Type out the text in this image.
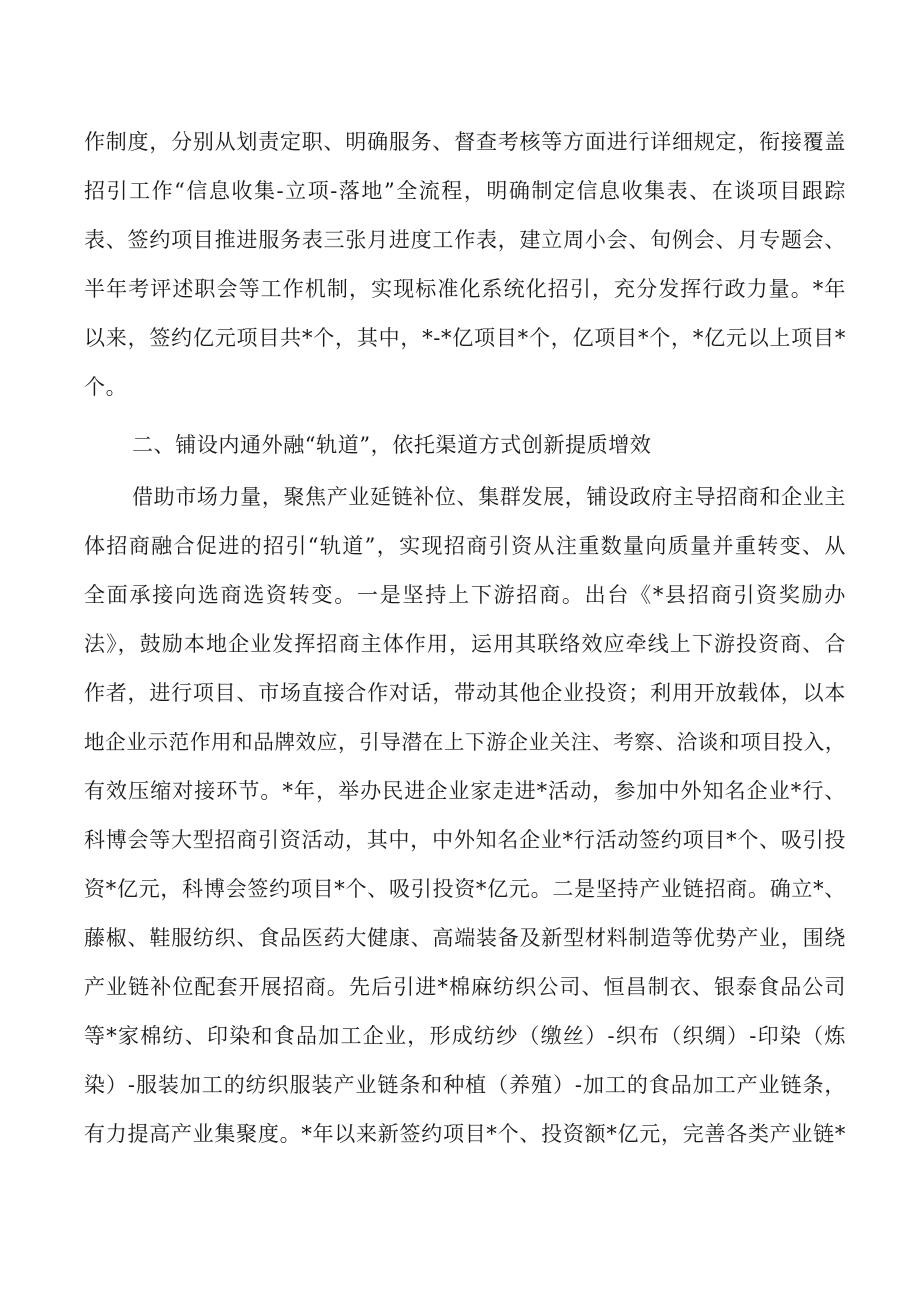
作制度，分别从划责定职、明确服务、督查考核等方面进行详细规定，衔接覆盖
招引工作“信息收集-立项-落地”全流程，明确制定信息收集表、在谈项目跟踪
表、签约项目推进服务表三张月进度工作表，建立周小会、旬例会、月专题会、
半年考评述职会等工作机制，实现标准化系统化招引，充分发挥行政力量。*年
以来，签约亿元项目共*个，其中，*-*亿项目*个，亿项目*个，*亿元以上项目*
个。
二、铺设内通外融“轨道”，依托渠道方式创新提质增效
借助市场力量，聚焦产业延链补位、集群发展，铺设政府主导招商和企业主
体招商融合促进的招引“轨道”，实现招商引资从注重数量向质量并重转变、从
全面承接向选商选资转变。一是坚持上下游招商。出台《*县招商引资奖励办
法》，鼓励本地企业发挥招商主体作用，运用其联络效应牵线上下游投资商、合
作者，进行项目、市场直接合作对话，带动其他企业投资；利用开放载体，以本
地企业示范作用和品牌效应，引导潜在上下游企业关注、考察、洽谈和项目投入，
有效压缩对接环节。*年，举办民进企业家走进*活动，参加中外知名企业*行、
科博会等大型招商引资活动，其中，中外知名企业*行活动签约项目*个、吸引投
资*亿元，科博会签约项目*个、吸引投资*亿元。二是坚持产业链招商。确立*、
藤椒、鞋服纺织、食品医药大健康、高端装备及新型材料制造等优势产业，围绕
产业链补位配套开展招商。先后引进*棉麻纺织公司、恒昌制衣、银泰食品公司
等*家棉纺、印染和食品加工企业，形成纺纱（缴丝）-织布（织绸）-印染（炼
染）-服装加工的纺织服装产业链条和种植（养殖）-加工的食品加工产业链条，
有力提高产业集聚度。*年以来新签约项目*个、投资额*亿元，完善各类产业链*
